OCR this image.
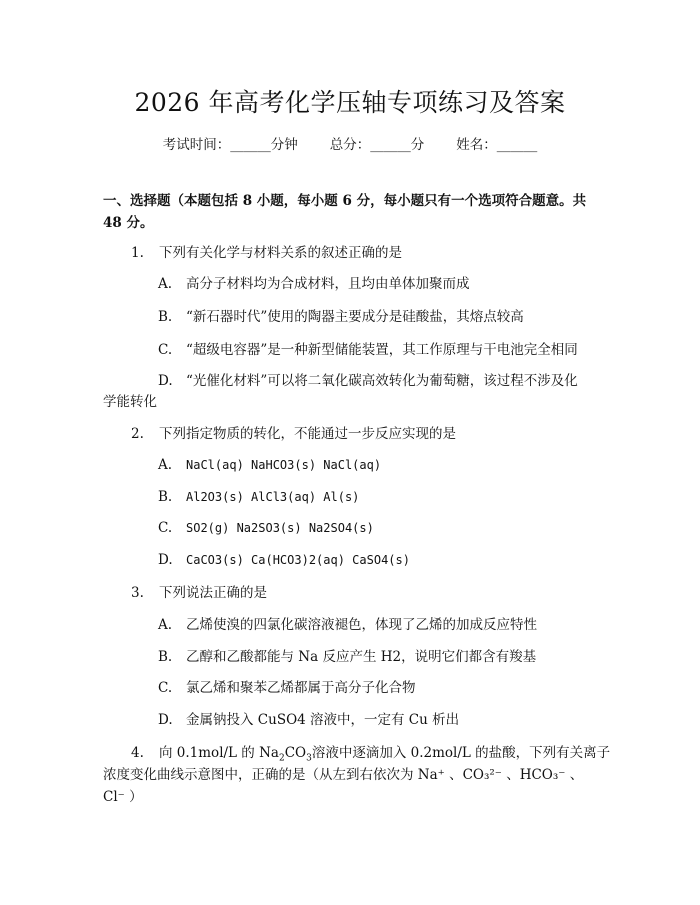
2026 年高考化学压轴专项练习及答案
考试时间：______分钟 总分：______分 姓名：______
一、选择题（本题包括 8 小题，每小题 6 分，每小题只有一个选项符合题意。共 48 分。
1. 下列有关化学与材料关系的叙述正确的是
A. 高分子材料均为合成材料，且均由单体加聚而成
B. “新石器时代”使用的陶器主要成分是硅酸盐，其熔点较高
C. “超级电容器”是一种新型储能装置，其工作原理与干电池完全相同
D. “光催化材料”可以将二氧化碳高效转化为葡萄糖，该过程不涉及化
学能转化
2. 下列指定物质的转化，不能通过一步反应实现的是
A. NaCl(aq) NaHCO3(s) NaCl(aq)
B. Al2O3(s) AlCl3(aq) Al(s)
C. SO2(g) Na2SO3(s) Na2SO4(s)
D. CaCO3(s) Ca(HCO3)2(aq) CaSO4(s)
3. 下列说法正确的是
A. 乙烯使溴的四氯化碳溶液褪色，体现了乙烯的加成反应特性
B. 乙醇和乙酸都能与 Na 反应产生 H2，说明它们都含有羧基
C. 氯乙烯和聚苯乙烯都属于高分子化合物
D. 金属钠投入 CuSO4 溶液中，一定有 Cu 析出
4. 向 0.1mol/L 的 $Na_2CO_3$溶液中逐滴加入 0.2mol/L 的盐酸，下列有关离子
浓度变化曲线示意图中，正确的是（从左到右依次为 Na⁺ 、CO₃²⁻ 、HCO₃⁻ 、
Cl⁻ ）
